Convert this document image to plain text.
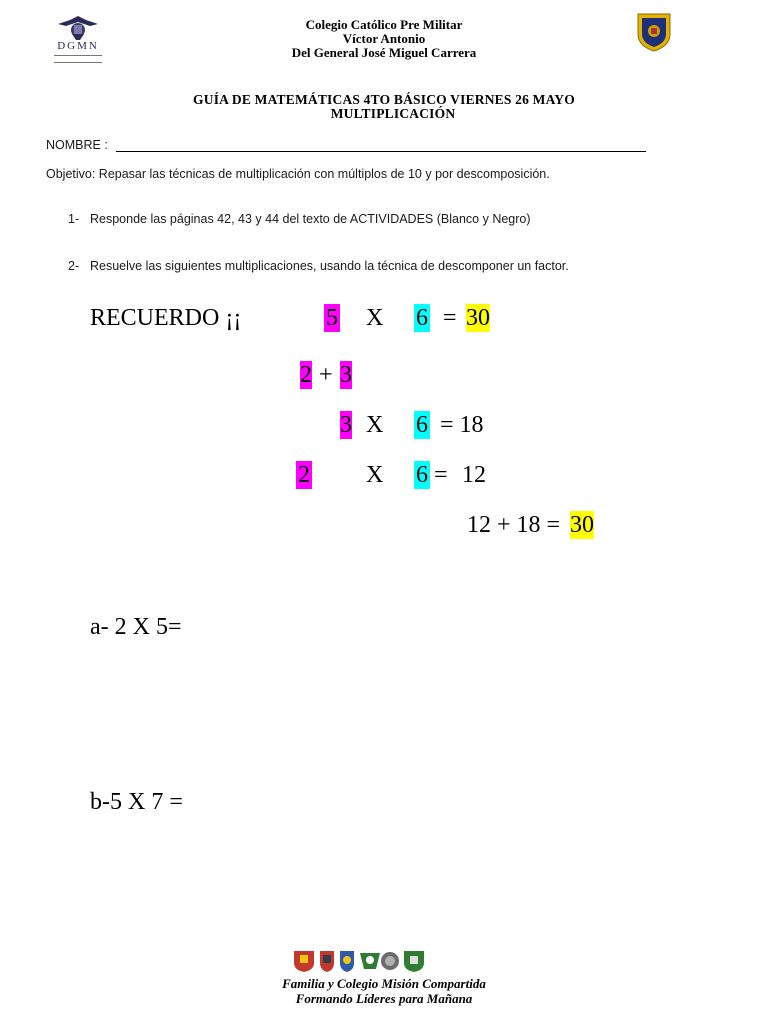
DGMN
Colegio Católico Pre Militar
Víctor Antonio
Del General José Miguel Carrera
GUÍA DE MATEMÁTICAS 4TO BÁSICO VIERNES 26 MAYO
MULTIPLICACIÓN
NOMBRE :
Objetivo: Repasar las técnicas de multiplicación con múltiplos de 10 y por descomposición.
1- Responde las páginas 42, 43 y 44 del texto de ACTIVIDADES (Blanco y Negro)
2- Resuelve las siguientes multiplicaciones, usando la técnica de descomponer un factor.
RECUERDO ¡¡	5 X 6 = 30
2 + 3
3 X 6 = 18
2 X 6 = 12
12 + 18 = 30
a- 2 X 5=
b-5 X 7 =
Familia y Colegio Misión Compartida
Formando Líderes para Mañana
